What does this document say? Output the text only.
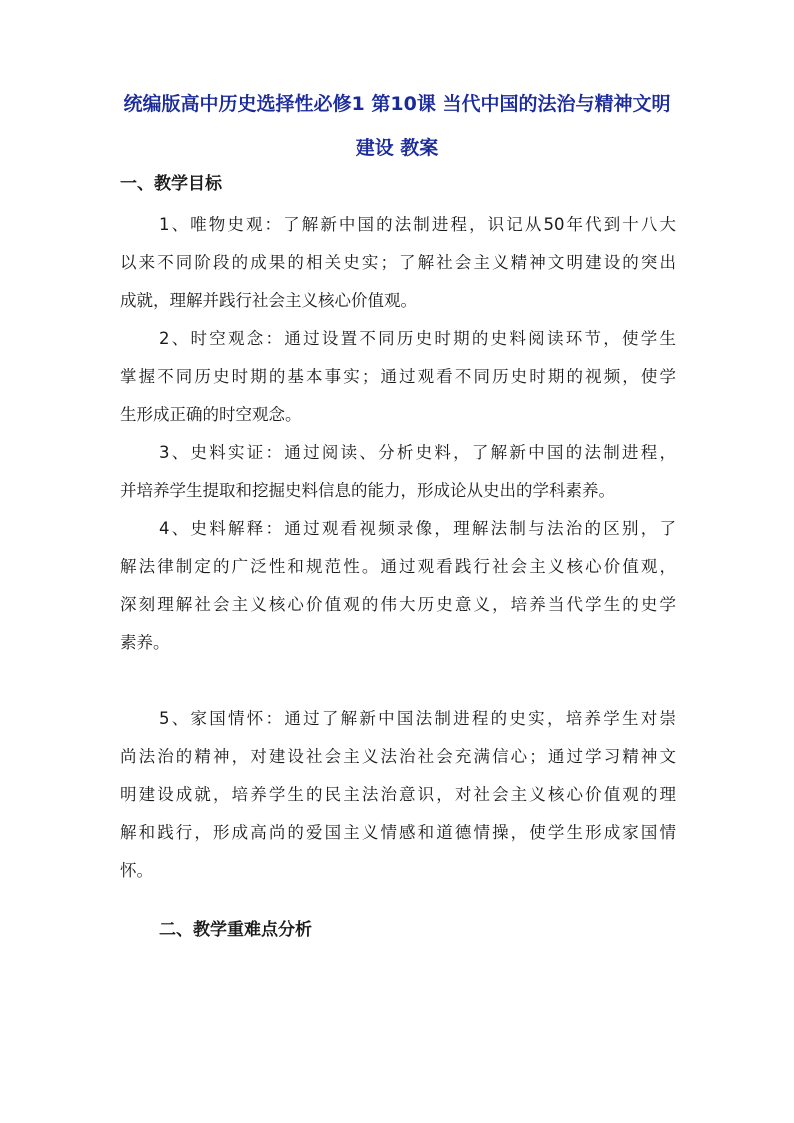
统编版高中历史选择性必修1 第10课 当代中国的法治与精神文明
建设 教案
一、教学目标
1、唯物史观：了解新中国的法制进程，识记从50年代到十八大
以来不同阶段的成果的相关史实；了解社会主义精神文明建设的突出
成就，理解并践行社会主义核心价值观。
2、时空观念：通过设置不同历史时期的史料阅读环节，使学生
掌握不同历史时期的基本事实；通过观看不同历史时期的视频，使学
生形成正确的时空观念。
3、史料实证：通过阅读、分析史料，了解新中国的法制进程，
并培养学生提取和挖掘史料信息的能力，形成论从史出的学科素养。
4、史料解释：通过观看视频录像，理解法制与法治的区别，了
解法律制定的广泛性和规范性。通过观看践行社会主义核心价值观，
深刻理解社会主义核心价值观的伟大历史意义，培养当代学生的史学
素养。
5、家国情怀：通过了解新中国法制进程的史实，培养学生对崇
尚法治的精神，对建设社会主义法治社会充满信心；通过学习精神文
明建设成就，培养学生的民主法治意识，对社会主义核心价值观的理
解和践行，形成高尚的爱国主义情感和道德情操，使学生形成家国情
怀。
二、教学重难点分析
